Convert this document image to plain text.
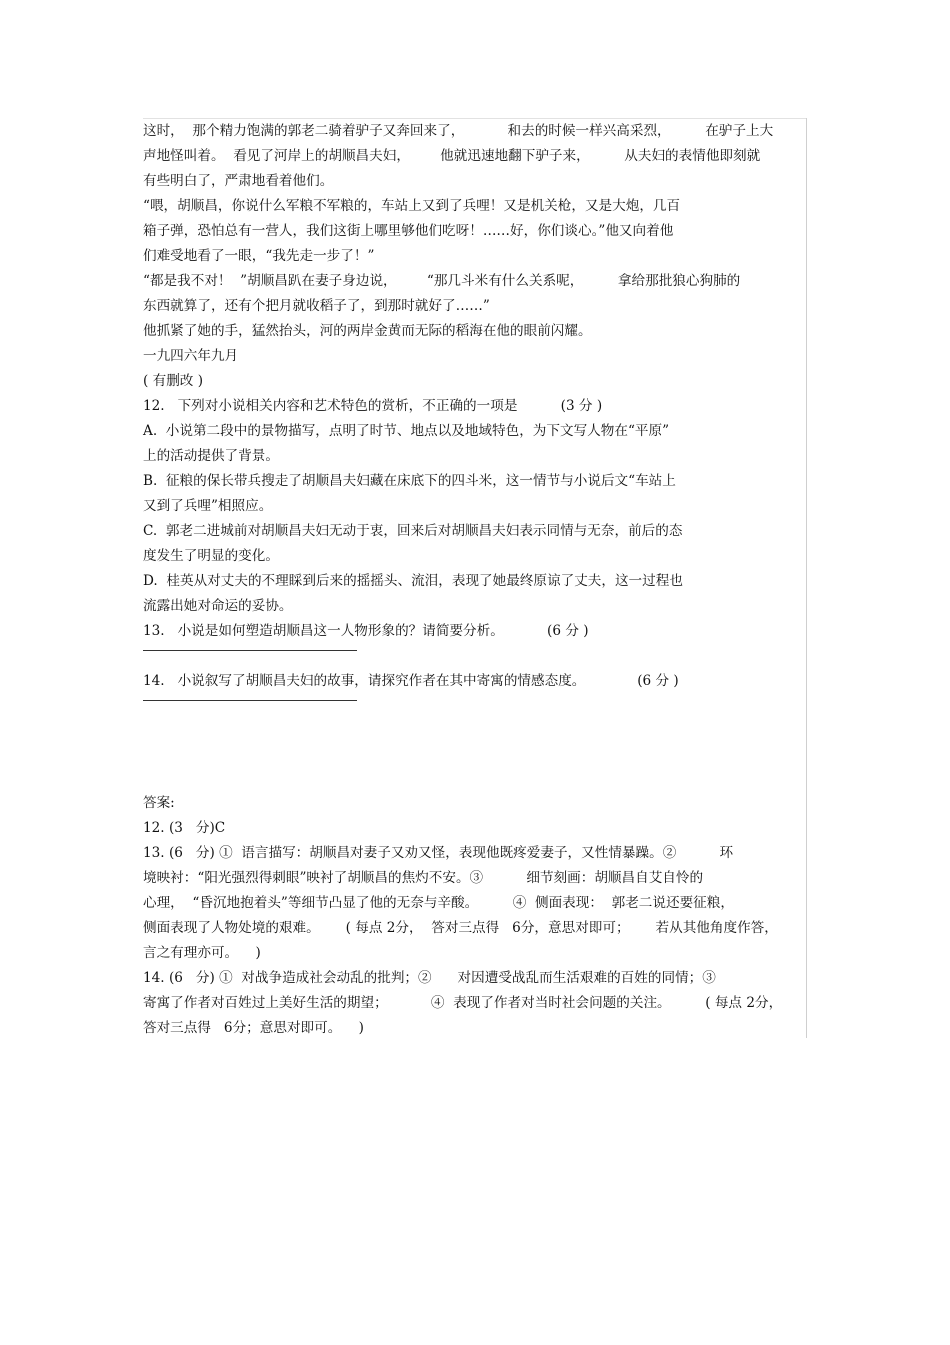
这时，  那个精力饱满的郭老二骑着驴子又奔回来了，          和去的时候一样兴高采烈，        在驴子上大
声地怪叫着。  看见了河岸上的胡顺昌夫妇，       他就迅速地翻下驴子来，        从夫妇的表情他即刻就
有些明白了，严肃地看着他们。
“喂，胡顺昌，你说什么军粮不军粮的，车站上又到了兵哩！又是机关枪，又是大炮，几百
箱子弹，恐怕总有一营人，我们这街上哪里够他们吃呀！……好，你们谈心。”他又向着他
们难受地看了一眼，“我先走一步了！”
“都是我不对！  ”胡顺昌趴在妻子身边说，       “那几斗米有什么关系呢，        拿给那批狼心狗肺的
东西就算了，还有个把月就收稻子了，到那时就好了……”
他抓紧了她的手，猛然抬头，河的两岸金黄而无际的稻海在他的眼前闪耀。
一九四六年九月
( 有删改 )
12.   下列对小说相关内容和艺术特色的赏析，不正确的一项是          (3 分 )
A.  小说第二段中的景物描写，点明了时节、地点以及地域特色，为下文写人物在“平原”
上的活动提供了背景。
B.  征粮的保长带兵搜走了胡顺昌夫妇藏在床底下的四斗米，这一情节与小说后文“车站上
又到了兵哩”相照应。
C.  郭老二进城前对胡顺昌夫妇无动于衷，回来后对胡顺昌夫妇表示同情与无奈，前后的态
度发生了明显的变化。
D.  桂英从对丈夫的不理睬到后来的摇摇头、流泪，表现了她最终原谅了丈夫，这一过程也
流露出她对命运的妥协。
13.   小说是如何塑造胡顺昌这一人物形象的？请简要分析。          (6 分 )
14.   小说叙写了胡顺昌夫妇的故事，请探究作者在其中寄寓的情感态度。            (6 分 )
答案:
12. (3   分)C
13. (6   分) ①  语言描写：胡顺昌对妻子又劝又怪，表现他既疼爱妻子，又性情暴躁。②          环
境映衬：“阳光强烈得刺眼”映衬了胡顺昌的焦灼不安。③          细节刻画：胡顺昌自艾自怜的
心理，  “昏沉地抱着头”等细节凸显了他的无奈与辛酸。        ④  侧面表现：  郭老二说还要征粮，
侧面表现了人物处境的艰难。      ( 每点 2分，  答对三点得   6分，意思对即可；      若从其他角度作答，
言之有理亦可。    )
14. (6   分) ①  对战争造成社会动乱的批判；②      对因遭受战乱而生活艰难的百姓的同情；③
寄寓了作者对百姓过上美好生活的期望；          ④  表现了作者对当时社会问题的关注。        ( 每点 2分，
答对三点得   6分；意思对即可。    )
